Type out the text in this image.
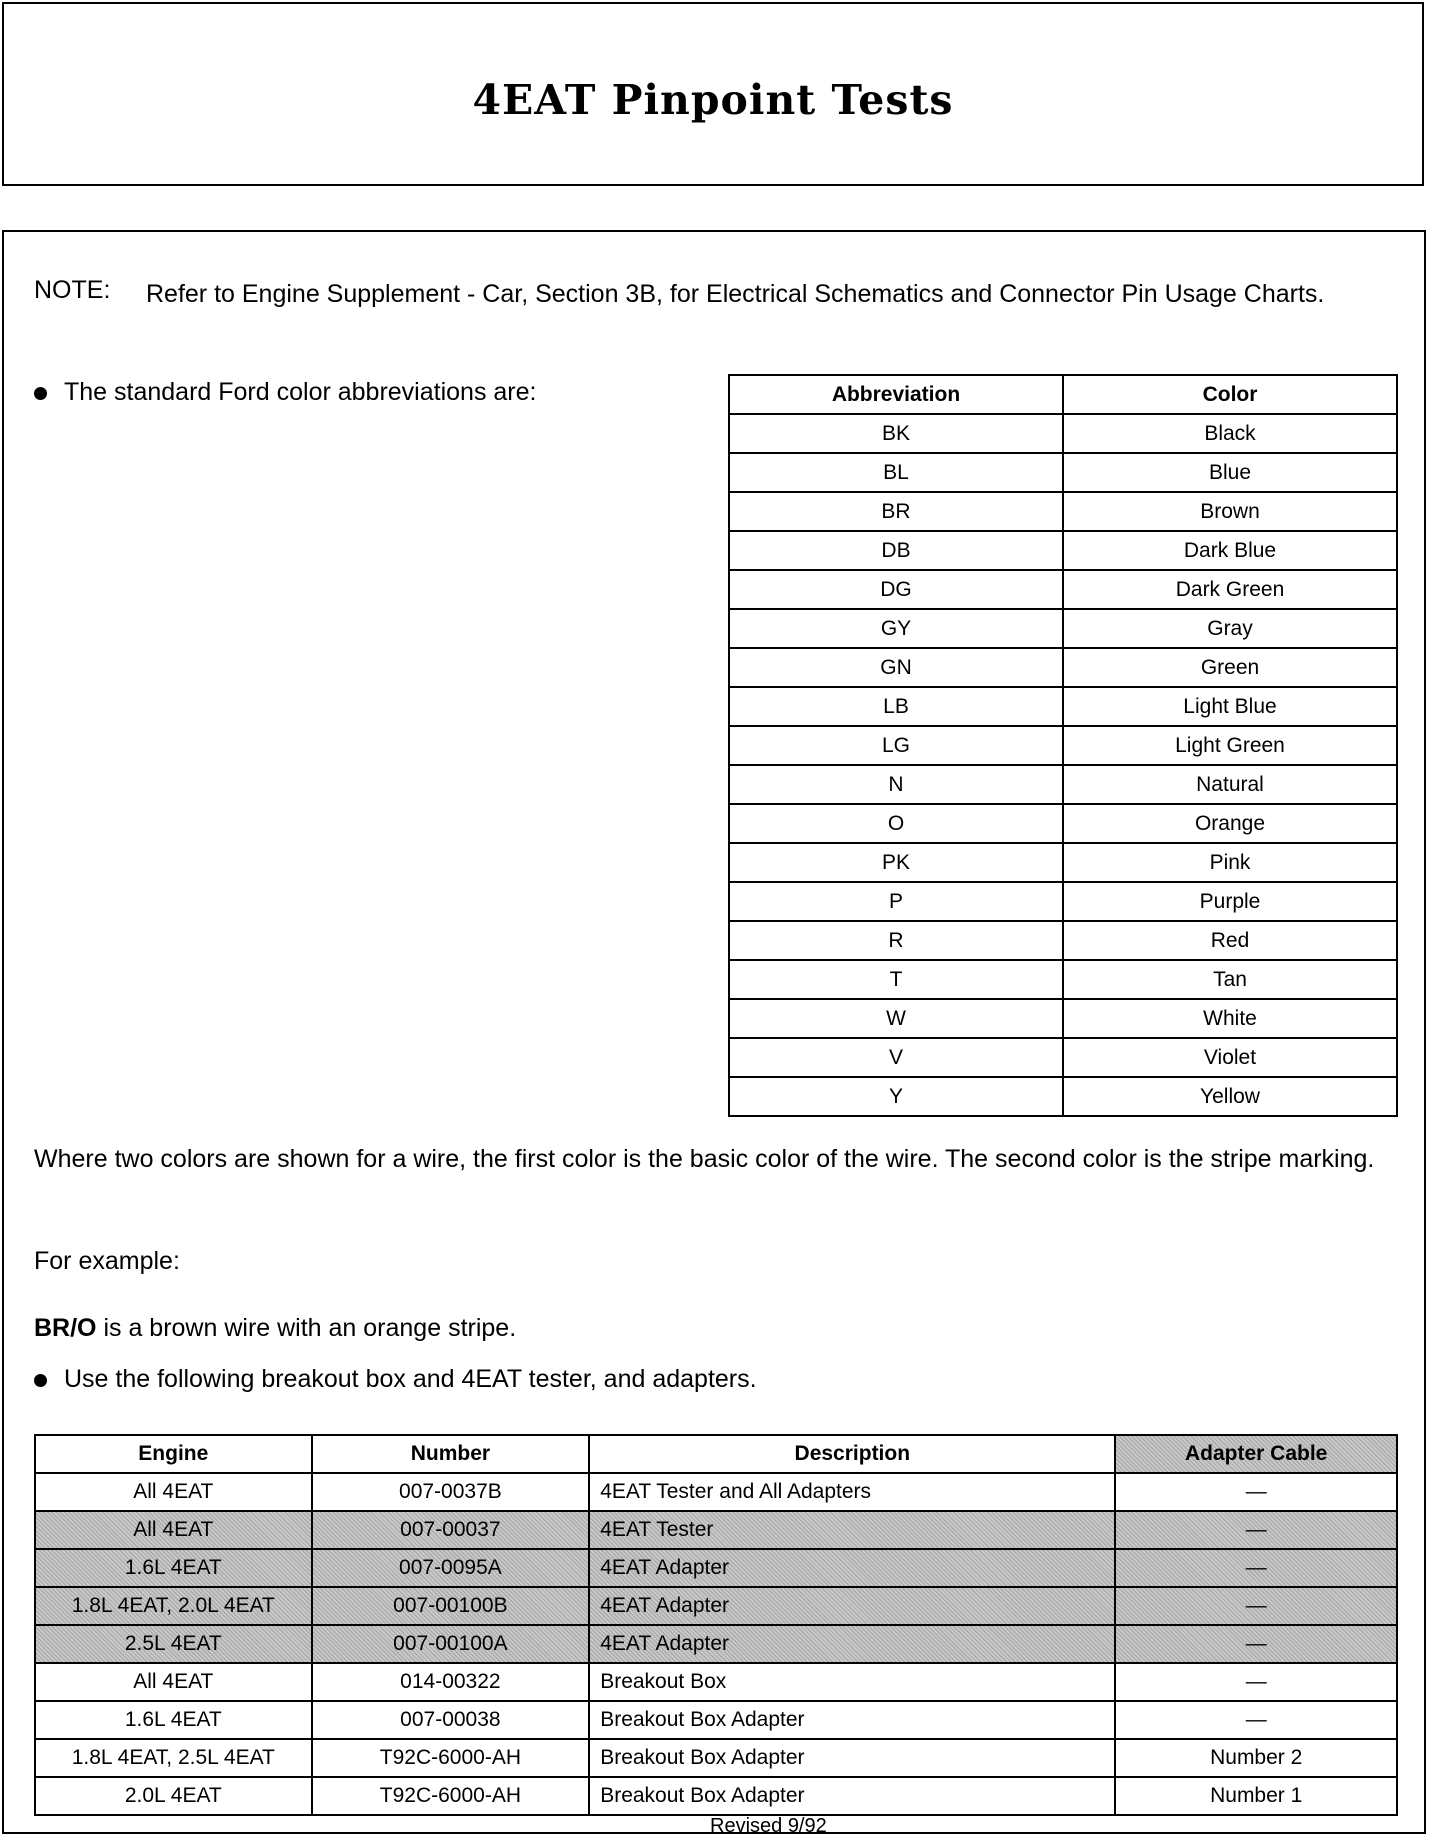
4EAT Pinpoint Tests
NOTE: Refer to Engine Supplement - Car, Section 3B, for Electrical Schematics and Connector Pin Usage Charts.
The standard Ford color abbreviations are:	Abbreviation	Color
BK	Black
BL	Blue
BR	Brown
DB	Dark Blue
DG	Dark Green
GY	Gray
GN	Green
LB	Light Blue
LG	Light Green
N	Natural
O	Orange
PK	Pink
P	Purple
R	Red
T	Tan
W	White
V	Violet
Y	Yellow
Where two colors are shown for a wire, the first color is the basic color of the wire. The second color is the stripe marking.
For example:
BR/O is a brown wire with an orange stripe.
Use the following breakout box and 4EAT tester, and adapters.
Engine	Number	Description	Adapter Cable
All 4EAT	007-0037B	4EAT Tester and All Adapters	—
All 4EAT	007-00037	4EAT Tester	—
1.6L 4EAT	007-0095A	4EAT Adapter	—
1.8L 4EAT, 2.0L 4EAT	007-00100B	4EAT Adapter	—
2.5L 4EAT	007-00100A	4EAT Adapter	—
All 4EAT	014-00322	Breakout Box	—
1.6L 4EAT	007-00038	Breakout Box Adapter	—
1.8L 4EAT, 2.5L 4EAT	T92C-6000-AH	Breakout Box Adapter	Number 2
2.0L 4EAT	T92C-6000-AH	Breakout Box Adapter	Number 1
Revised 9/92
